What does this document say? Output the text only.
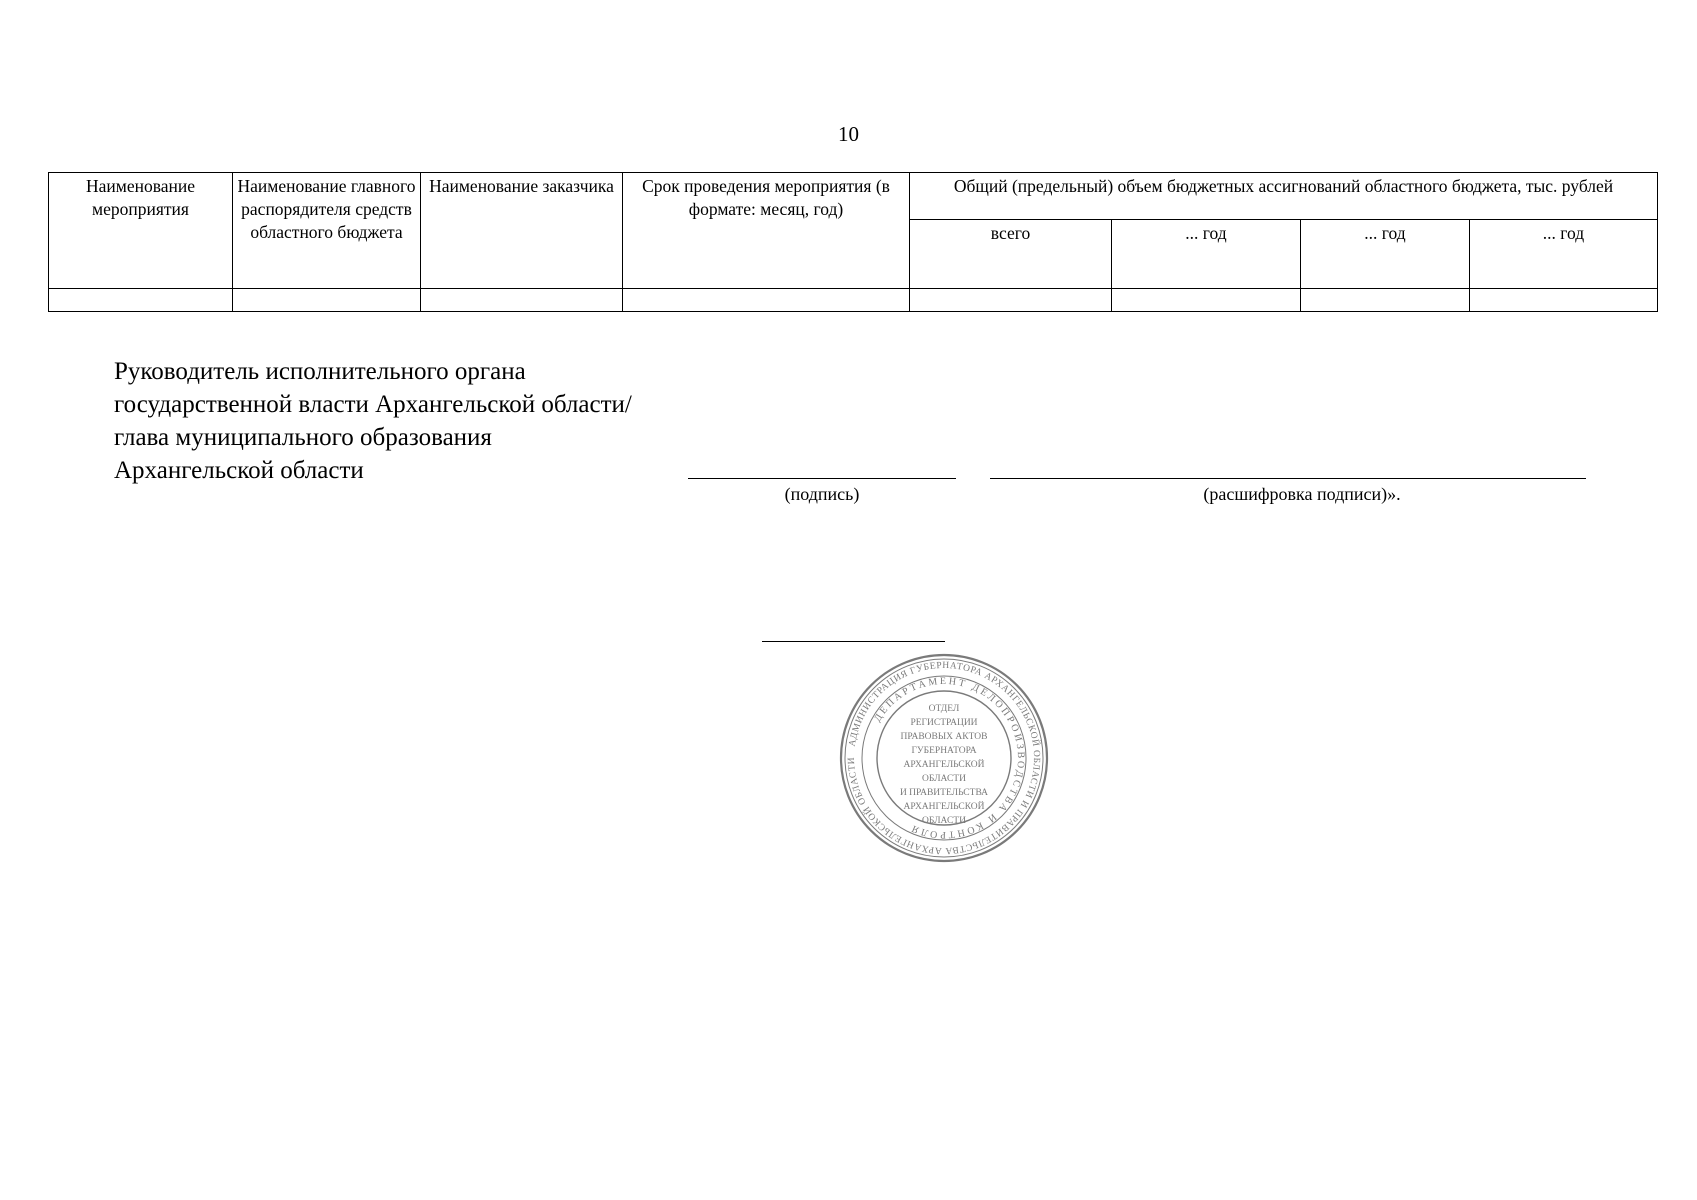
10
Наименование мероприятия	Наименование главного распорядителя средств областного бюджета	Наименование заказчика	Срок проведения мероприятия (в формате: месяц, год)	Общий (предельный) объем бюджетных ассигнований областного бюджета, тыс. рублей			
				всего	... год	... год	... год

Руководитель исполнительного органа
государственной власти Архангельской области/
глава муниципального образования
Архангельской области
(подпись)	(расшифровка подписи)».
АДМИНИСТРАЦИЯ ГУБЕРНАТОРА АРХАНГЕЛЬСКОЙ ОБЛАСТИ И ПРАВИТЕЛЬСТВА АРХАНГЕЛЬСКОЙ ОБЛАСТИ
ДЕПАРТАМЕНТ ДЕЛОПРОИЗВОДСТВА И КОНТРОЛЯ
ОТДЕЛ
РЕГИСТРАЦИИ
ПРАВОВЫХ АКТОВ
ГУБЕРНАТОРА
АРХАНГЕЛЬСКОЙ
ОБЛАСТИ
И ПРАВИТЕЛЬСТВА
АРХАНГЕЛЬСКОЙ
ОБЛАСТИ
